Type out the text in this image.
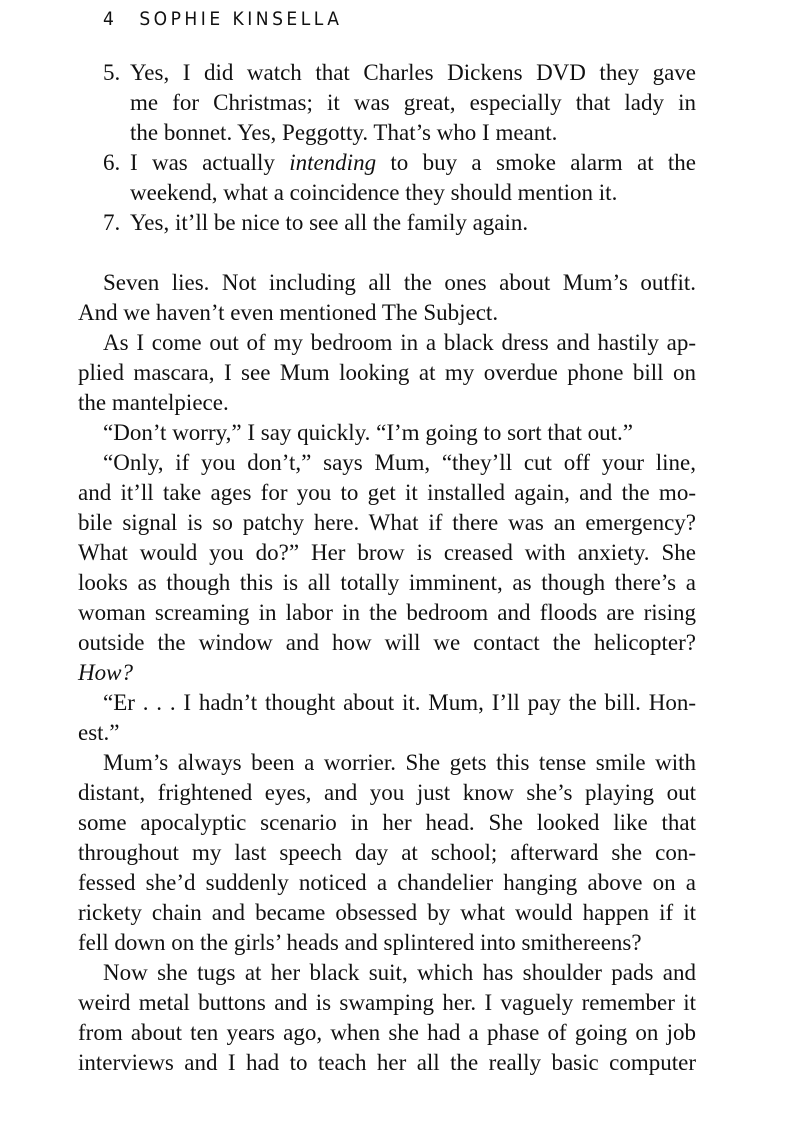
4 SOPHIE KINSELLA
5. Yes, I did watch that Charles Dickens DVD they gave
me for Christmas; it was great, especially that lady in
the bonnet. Yes, Peggotty. That’s who I meant.
6. I was actually intending to buy a smoke alarm at the
weekend, what a coincidence they should mention it.
7. Yes, it’ll be nice to see all the family again.
Seven lies. Not including all the ones about Mum’s outfit.
And we haven’t even mentioned The Subject.
As I come out of my bedroom in a black dress and hastily ap-
plied mascara, I see Mum looking at my overdue phone bill on
the mantelpiece.
“Don’t worry,” I say quickly. “I’m going to sort that out.”
“Only, if you don’t,” says Mum, “they’ll cut off your line,
and it’ll take ages for you to get it installed again, and the mo-
bile signal is so patchy here. What if there was an emergency?
What would you do?” Her brow is creased with anxiety. She
looks as though this is all totally imminent, as though there’s a
woman screaming in labor in the bedroom and floods are rising
outside the window and how will we contact the helicopter?
How?
“Er . . . I hadn’t thought about it. Mum, I’ll pay the bill. Hon-
est.”
Mum’s always been a worrier. She gets this tense smile with
distant, frightened eyes, and you just know she’s playing out
some apocalyptic scenario in her head. She looked like that
throughout my last speech day at school; afterward she con-
fessed she’d suddenly noticed a chandelier hanging above on a
rickety chain and became obsessed by what would happen if it
fell down on the girls’ heads and splintered into smithereens?
Now she tugs at her black suit, which has shoulder pads and
weird metal buttons and is swamping her. I vaguely remember it
from about ten years ago, when she had a phase of going on job
interviews and I had to teach her all the really basic computer
